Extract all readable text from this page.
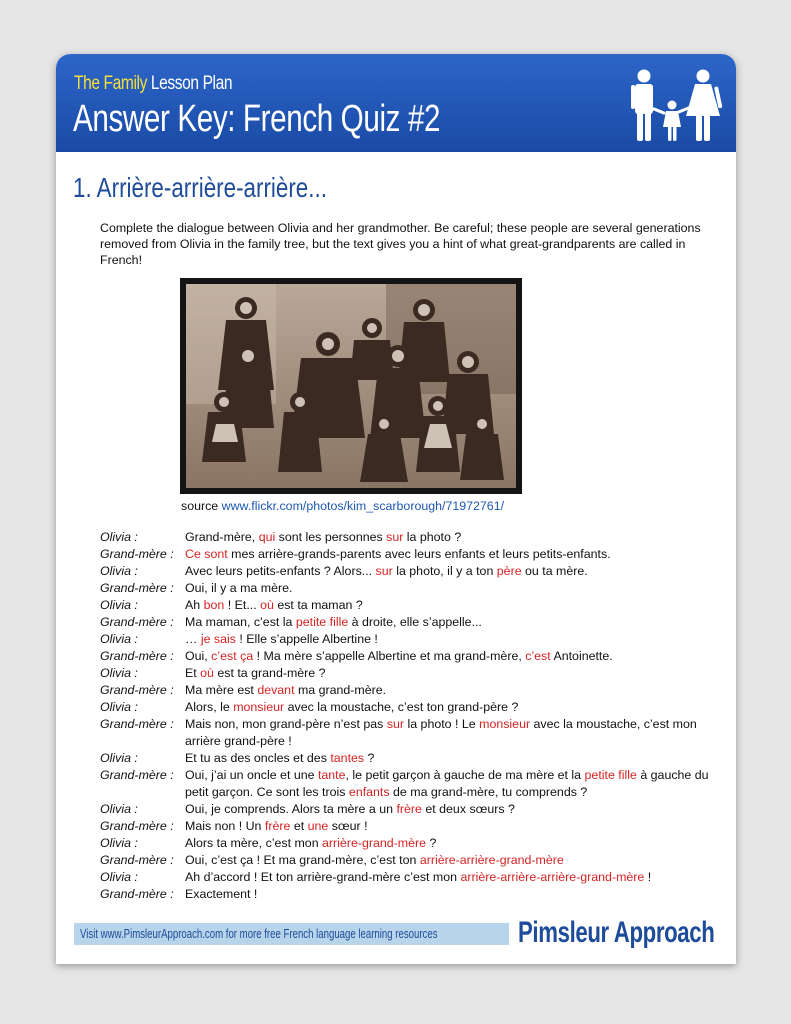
The Family Lesson Plan
Answer Key: French Quiz #2
1. Arrière-arrière-arrière...
Complete the dialogue between Olivia and her grandmother. Be careful; these people are several generations removed from Olivia in the family tree, but the text gives you a hint of what great-grandparents are called in French!
source www.flickr.com/photos/kim_scarborough/71972761/
Olivia :	Grand-mère, qui sont les personnes sur la photo ?
Grand-mère : Ce sont mes arrière-grands-parents avec leurs enfants et leurs petits-enfants.
Olivia :	Avec leurs petits-enfants ? Alors... sur la photo, il y a ton père ou ta mère.
Grand-mère : Oui, il y a ma mère.
Olivia :	Ah bon ! Et... où est ta maman ?
Grand-mère : Ma maman, c’est la petite fille à droite, elle s’appelle...
Olivia :	… je sais ! Elle s’appelle Albertine !
Grand-mère : Oui, c’est ça ! Ma mère s’appelle Albertine et ma grand-mère, c’est Antoinette.
Olivia :	Et où est ta grand-mère ?
Grand-mère : Ma mère est devant ma grand-mère.
Olivia :	Alors, le monsieur avec la moustache, c’est ton grand-père ?
Grand-mère : Mais non, mon grand-père n’est pas sur la photo ! Le monsieur avec la moustache, c’est mon arrière grand-père !
Olivia :	Et tu as des oncles et des tantes ?
Grand-mère : Oui, j’ai un oncle et une tante, le petit garçon à gauche de ma mère et la petite fille à gauche du petit garçon. Ce sont les trois enfants de ma grand-mère, tu comprends ?
Olivia :	Oui, je comprends. Alors ta mère a un frère et deux sœurs ?
Grand-mère : Mais non ! Un frère et une sœur !
Olivia :	Alors ta mère, c’est mon arrière-grand-mère ?
Grand-mère : Oui, c’est ça ! Et ma grand-mère, c’est ton arrière-arrière-grand-mère
Olivia :	Ah d’accord ! Et ton arrière-grand-mère c’est mon arrière-arrière-arrière-grand-mère !
Grand-mère : Exactement !
Visit www.PimsleurApproach.com for more free French language learning resources	Pimsleur Approach
